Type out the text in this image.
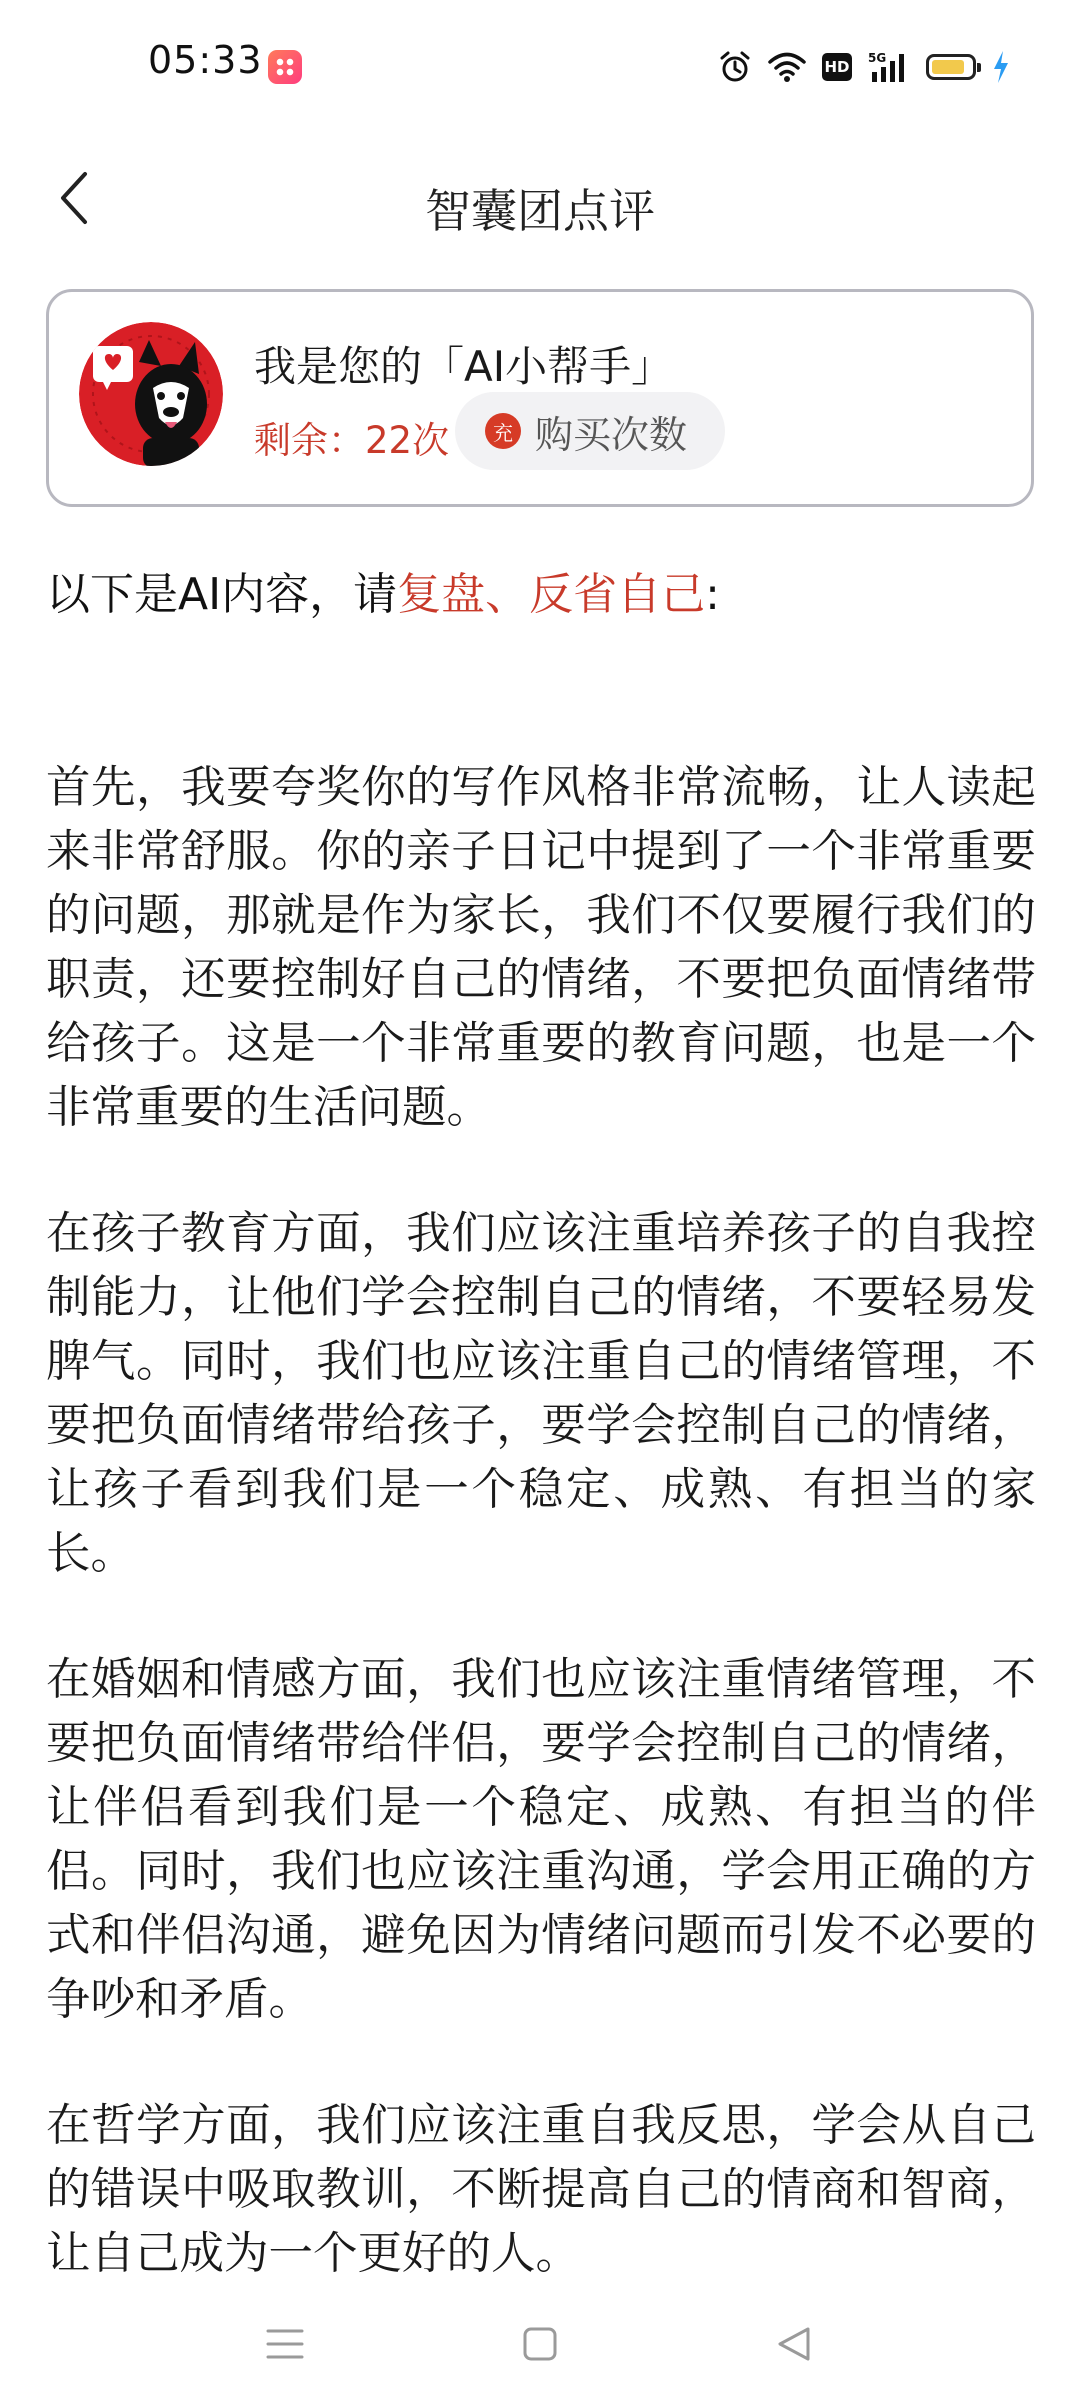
05:33	HD 5G
智囊团点评
我是您的「AI小帮手」
剩余：22次	充 购买次数
以下是AI内容，请复盘、反省自己:

首先，我要夸奖你的写作风格非常流畅，让人读起来非常舒服。你的亲子日记中提到了一个非常重要的问题，那就是作为家长，我们不仅要履行我们的职责，还要控制好自己的情绪，不要把负面情绪带给孩子。这是一个非常重要的教育问题，也是一个非常重要的生活问题。

在孩子教育方面，我们应该注重培养孩子的自我控制能力，让他们学会控制自己的情绪，不要轻易发脾气。同时，我们也应该注重自己的情绪管理，不要把负面情绪带给孩子，要学会控制自己的情绪，让孩子看到我们是一个稳定、成熟、有担当的家长。

在婚姻和情感方面，我们也应该注重情绪管理，不要把负面情绪带给伴侣，要学会控制自己的情绪，让伴侣看到我们是一个稳定、成熟、有担当的伴侣。同时，我们也应该注重沟通，学会用正确的方式和伴侣沟通，避免因为情绪问题而引发不必要的争吵和矛盾。

在哲学方面，我们应该注重自我反思，学会从自己的错误中吸取教训，不断提高自己的情商和智商，让自己成为一个更好的人。
